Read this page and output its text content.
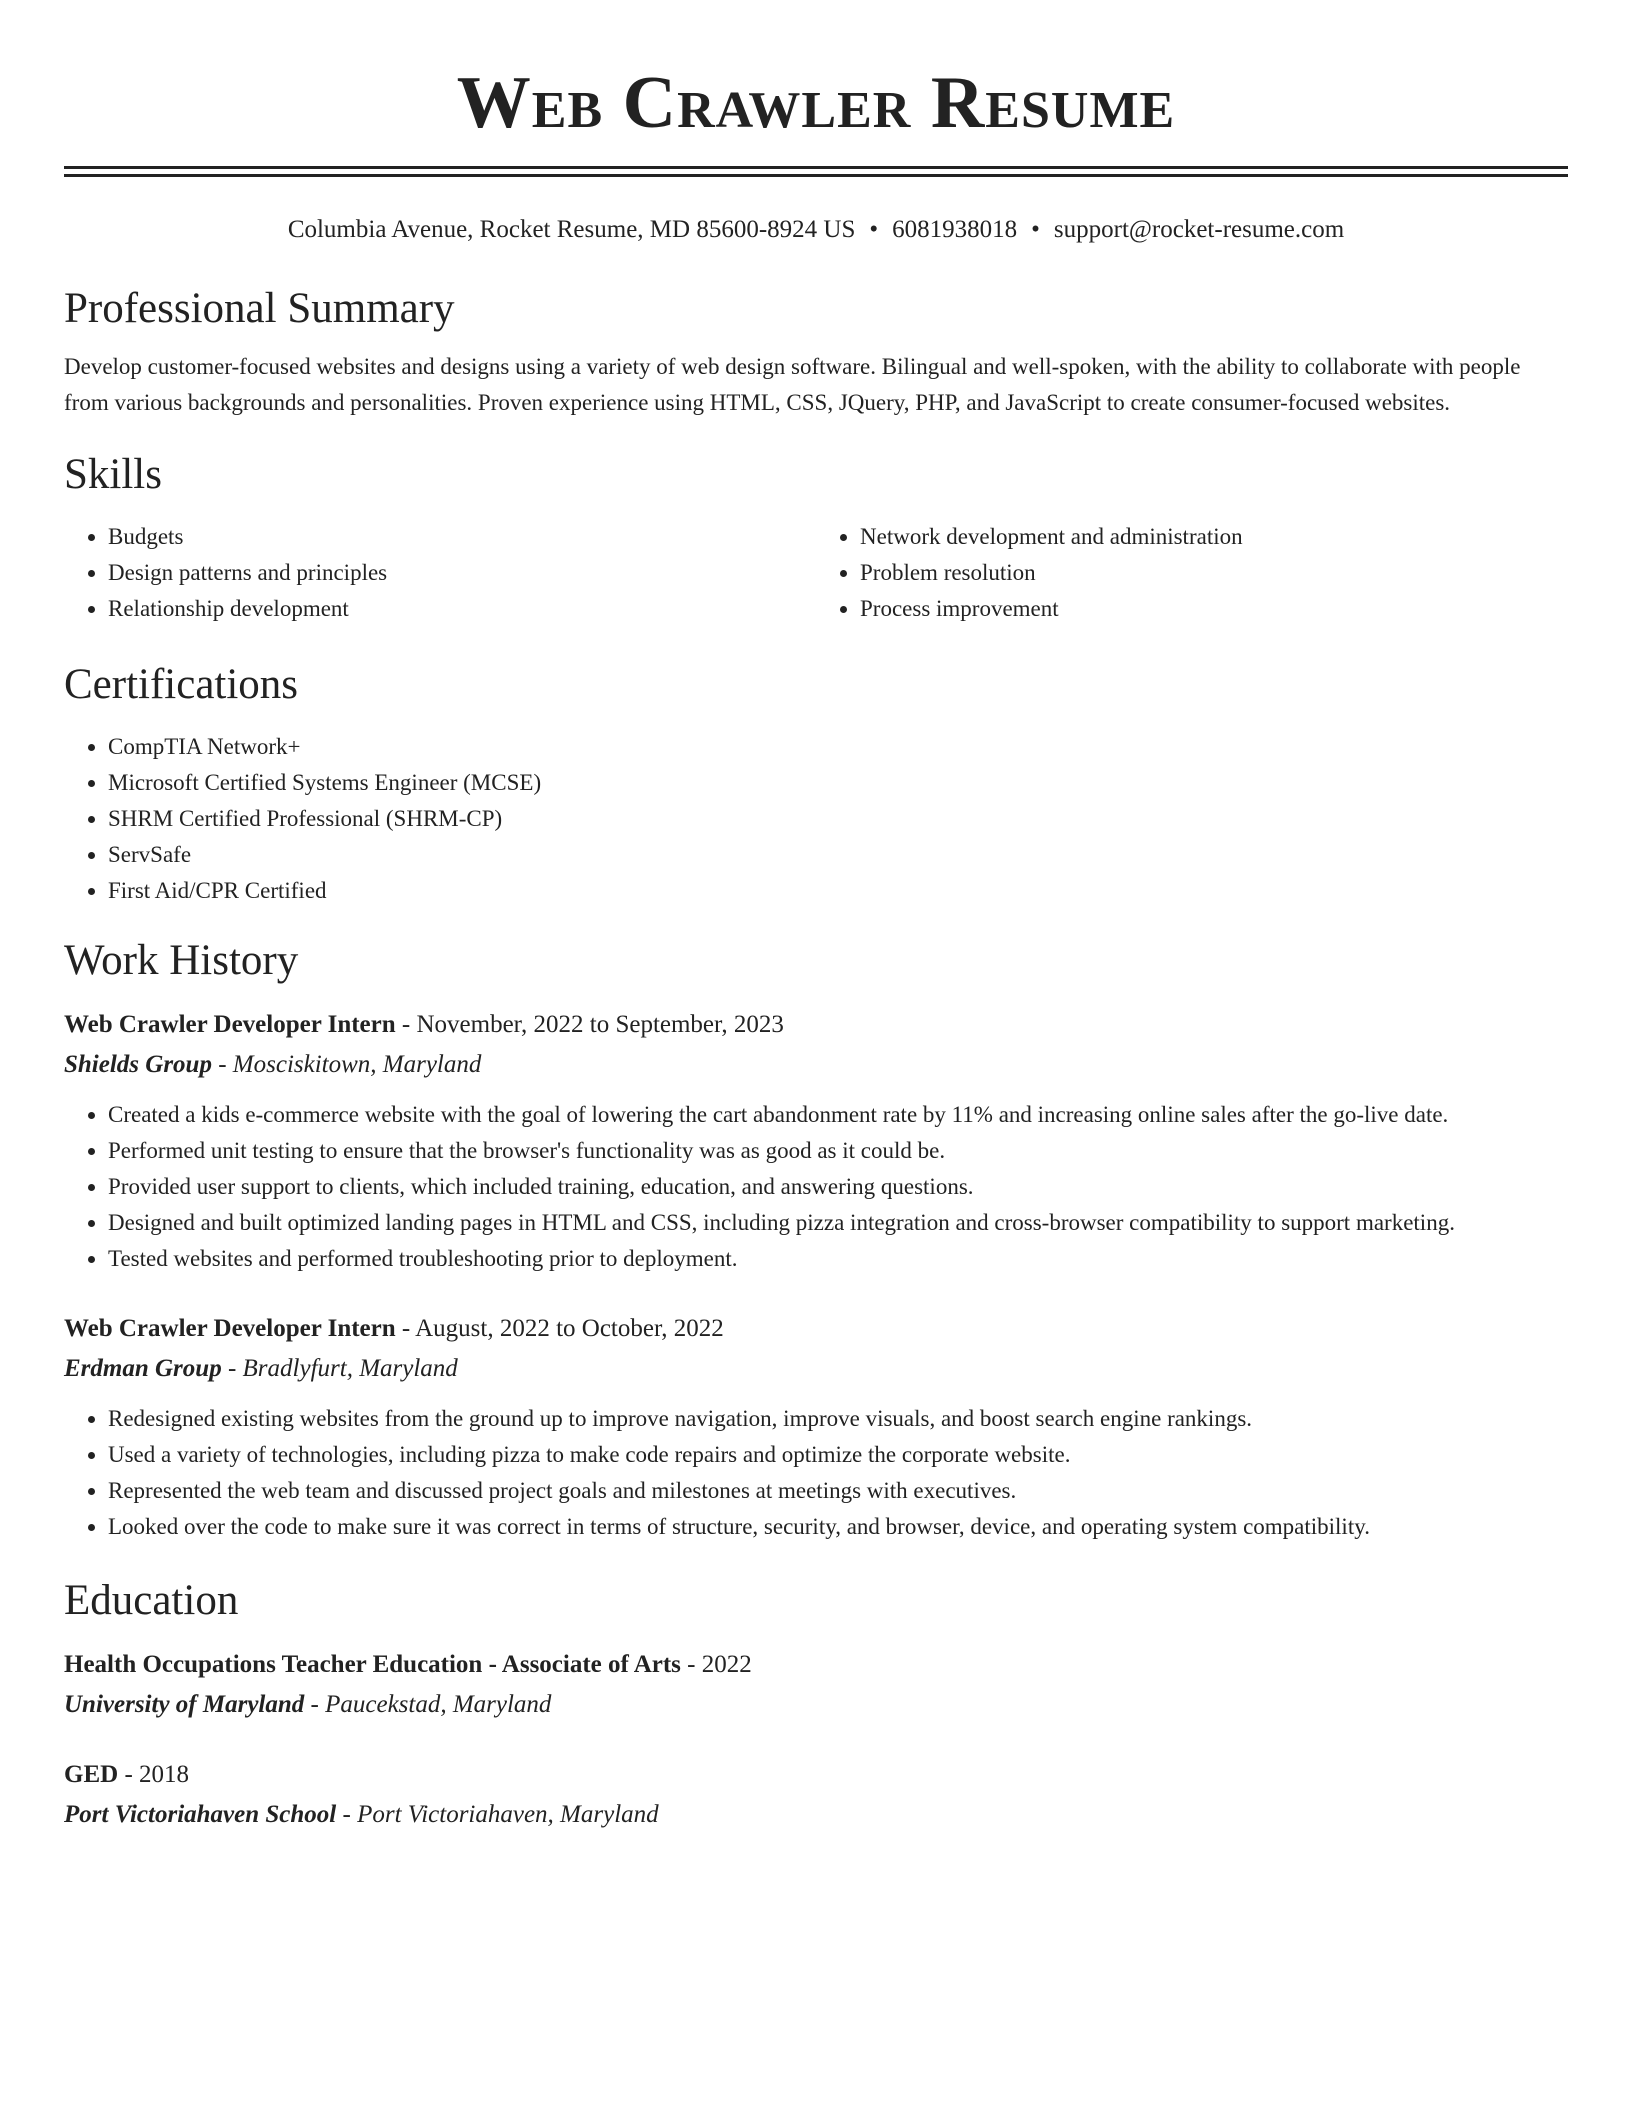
Web Crawler Resume
Columbia Avenue, Rocket Resume, MD 85600-8924 US • 6081938018 • support@rocket-resume.com
Professional Summary

Develop customer-focused websites and designs using a variety of web design software. Bilingual and well-spoken, with the ability to collaborate with people from various backgrounds and personalities. Proven experience using HTML, CSS, JQuery, PHP, and JavaScript to create consumer-focused websites.

Skills
• Budgets
• Design patterns and principles
• Relationship development
• Network development and administration
• Problem resolution
• Process improvement
Certifications
• CompTIA Network+
• Microsoft Certified Systems Engineer (MCSE)
• SHRM Certified Professional (SHRM-CP)
• ServSafe
• First Aid/CPR Certified
Work History
Web Crawler Developer Intern - November, 2022 to September, 2023
Shields Group - Mosciskitown, Maryland
• Created a kids e-commerce website with the goal of lowering the cart abandonment rate by 11% and increasing online sales after the go-live date.
• Performed unit testing to ensure that the browser's functionality was as good as it could be.
• Provided user support to clients, which included training, education, and answering questions.
• Designed and built optimized landing pages in HTML and CSS, including pizza integration and cross-browser compatibility to support marketing.
• Tested websites and performed troubleshooting prior to deployment.
Web Crawler Developer Intern - August, 2022 to October, 2022
Erdman Group - Bradlyfurt, Maryland
• Redesigned existing websites from the ground up to improve navigation, improve visuals, and boost search engine rankings.
• Used a variety of technologies, including pizza to make code repairs and optimize the corporate website.
• Represented the web team and discussed project goals and milestones at meetings with executives.
• Looked over the code to make sure it was correct in terms of structure, security, and browser, device, and operating system compatibility.
Education
Health Occupations Teacher Education - Associate of Arts - 2022
University of Maryland - Paucekstad, Maryland
GED - 2018
Port Victoriahaven School - Port Victoriahaven, Maryland
